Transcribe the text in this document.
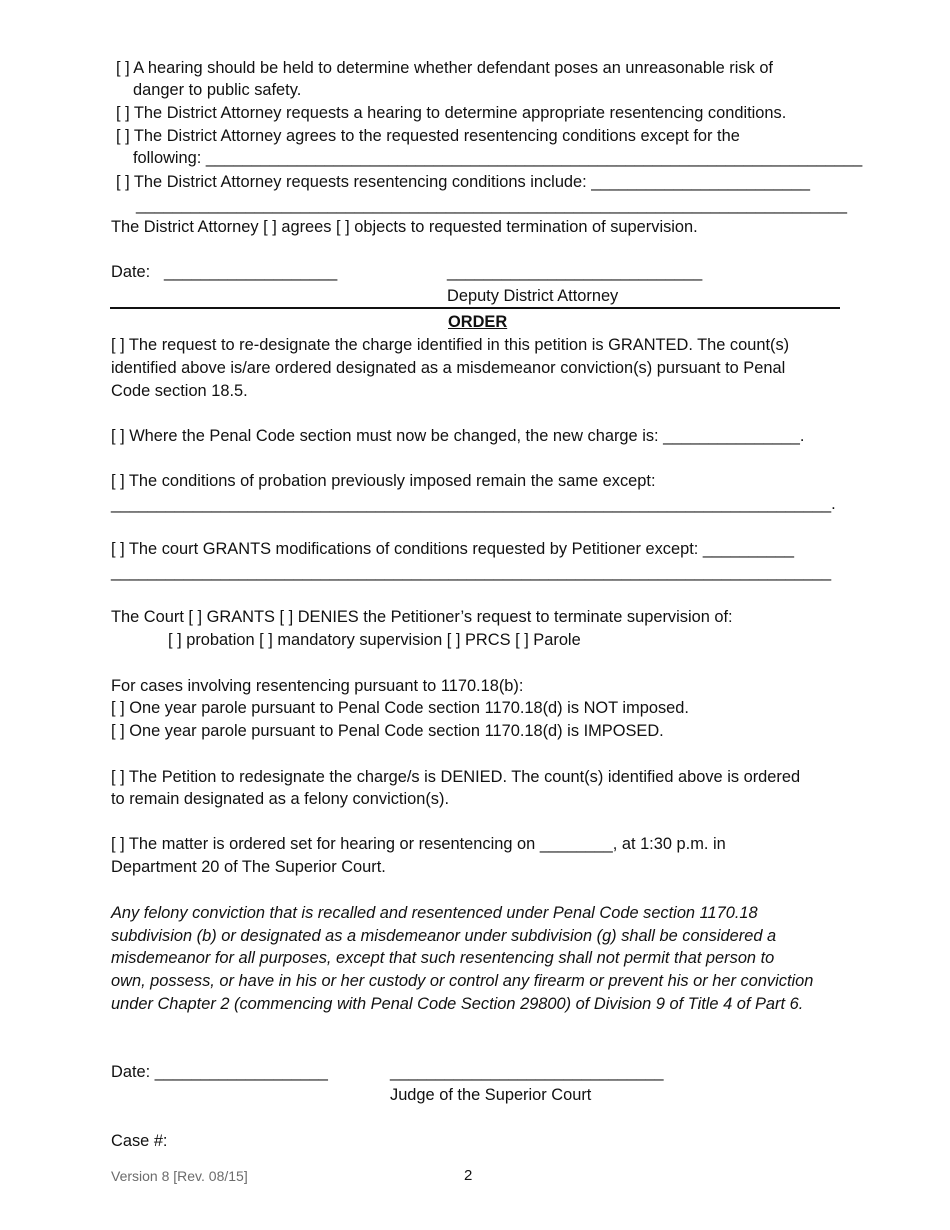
[ ] A hearing should be held to determine whether defendant poses an unreasonable risk of

danger to public safety.

[ ] The District Attorney requests a hearing to determine appropriate resentencing conditions.

[ ] The District Attorney agrees to the requested resentencing conditions except for the

following: ________________________________________________________________________

[ ] The District Attorney requests resentencing conditions include: ________________________

______________________________________________________________________________

The District Attorney [ ] agrees [ ] objects to requested termination of supervision.

Date: ___________________	____________________________

Deputy District Attorney

ORDER

[ ] The request to re-designate the charge identified in this petition is GRANTED. The count(s)

identified above is/are ordered designated as a misdemeanor conviction(s) pursuant to Penal

Code section 18.5.

[ ] Where the Penal Code section must now be changed, the new charge is: _______________.

[ ] The conditions of probation previously imposed remain the same except:

_______________________________________________________________________________.

[ ] The court GRANTS modifications of conditions requested by Petitioner except: __________

_______________________________________________________________________________

The Court [ ] GRANTS [ ] DENIES the Petitioner’s request to terminate supervision of:

[ ] probation [ ] mandatory supervision [ ] PRCS [ ] Parole

For cases involving resentencing pursuant to 1170.18(b):

[ ] One year parole pursuant to Penal Code section 1170.18(d) is NOT imposed.

[ ] One year parole pursuant to Penal Code section 1170.18(d) is IMPOSED.

[ ] The Petition to redesignate the charge/s is DENIED. The count(s) identified above is ordered

to remain designated as a felony conviction(s).

[ ] The matter is ordered set for hearing or resentencing on ________, at 1:30 p.m. in

Department 20 of The Superior Court.

Any felony conviction that is recalled and resentenced under Penal Code section 1170.18

subdivision (b) or designated as a misdemeanor under subdivision (g) shall be considered a

misdemeanor for all purposes, except that such resentencing shall not permit that person to

own, possess, or have in his or her custody or control any firearm or prevent his or her conviction

under Chapter 2 (commencing with Penal Code Section 29800) of Division 9 of Title 4 of Part 6.

Date: ___________________	______________________________

Judge of the Superior Court

Case #:

Version 8 [Rev. 08/15]	2
